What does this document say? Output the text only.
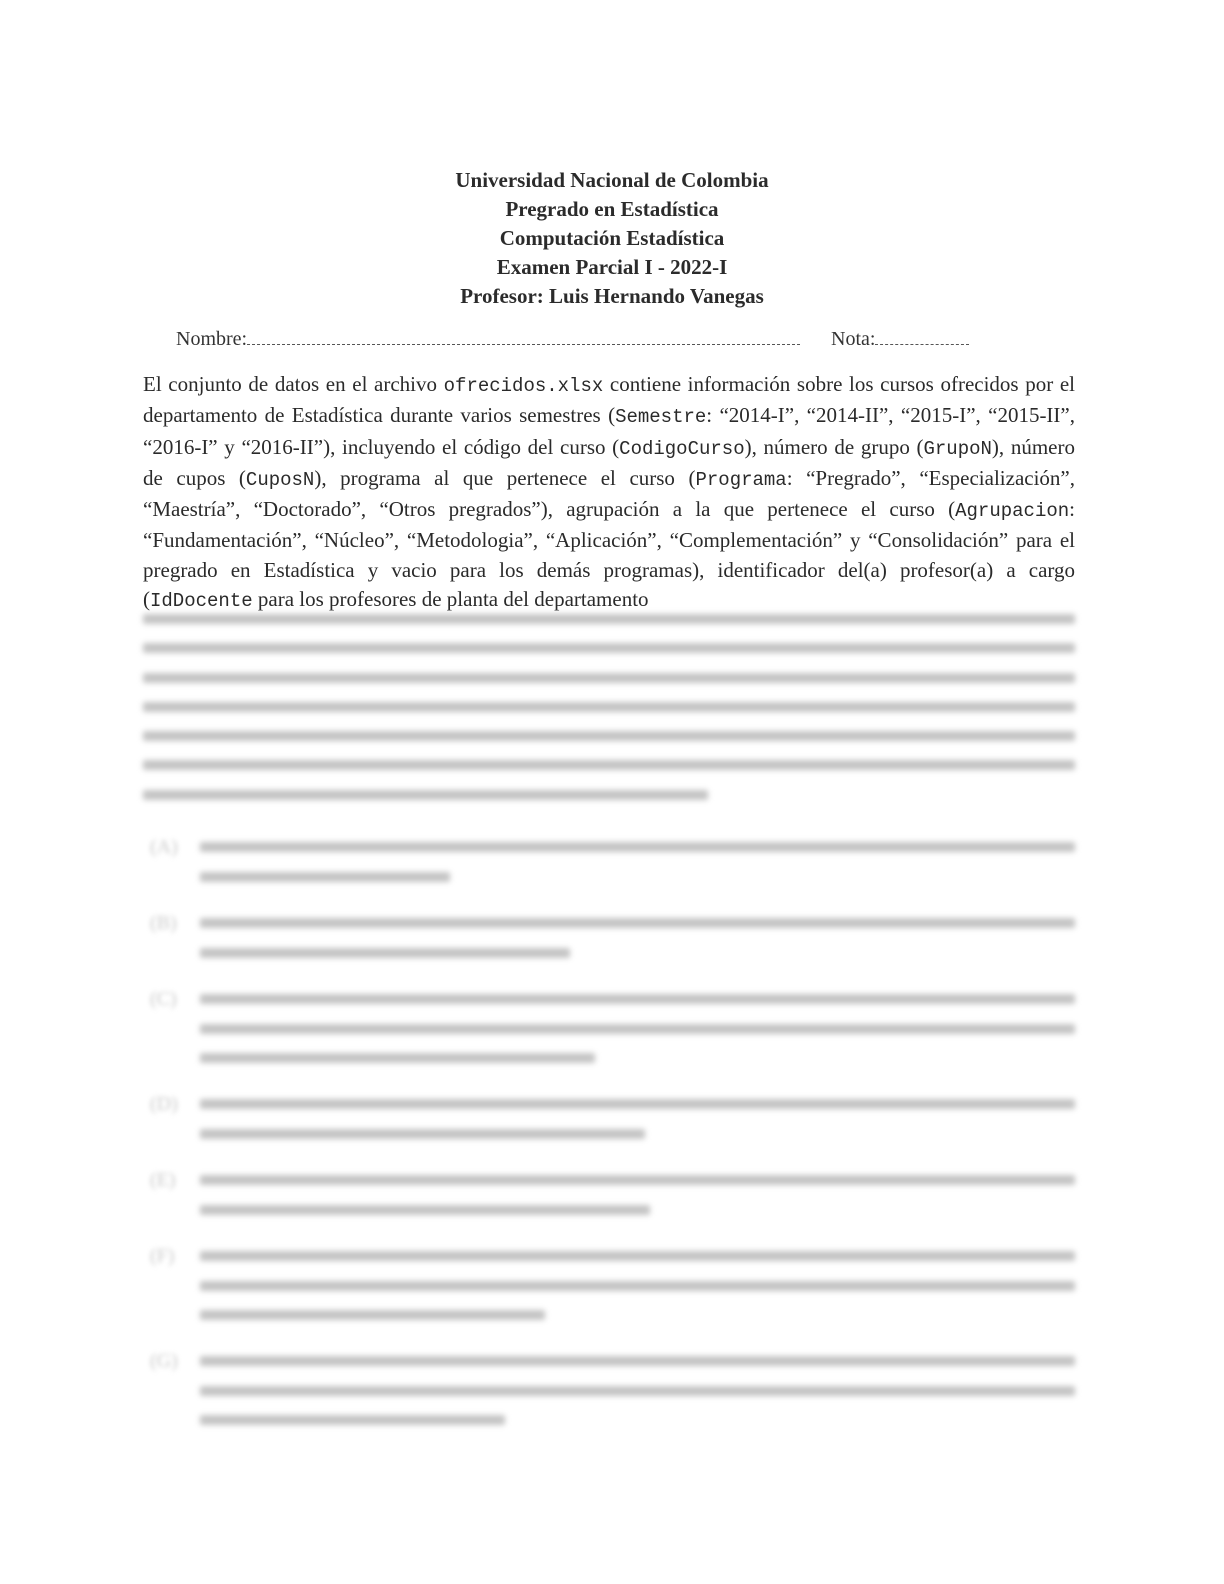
Universidad Nacional de Colombia
Pregrado en Estadística
Computación Estadística
Examen Parcial I - 2022-I
Profesor: Luis Hernando Vanegas
Nombre:	Nota:
El conjunto de datos en el archivo ofrecidos.xlsx contiene información sobre los cursos ofrecidos por el departamento de Estadística durante varios semestres (Semestre: “2014-I”, “2014-II”, “2015-I”, “2015-II”, “2016-I” y “2016-II”), incluyendo el código del curso (CodigoCurso), número de grupo (GrupoN), número de cupos (CuposN), programa al que pertenece el curso (Programa: “Pregrado”, “Especialización”, “Maestría”, “Doctorado”, “Otros pregrados”), agrupación a la que pertenece el curso (Agrupacion: “Fundamentación”, “Núcleo”, “Metodologia”, “Aplicación”, “Complementación” y “Consolidación” para el pregrado en Estadística y vacio para los demás programas), identificador del(a) profesor(a) a cargo (IdDocente para los profesores de planta del departamento
(A)
(B)
(C)
(D)
(E)
(F)
(G)
